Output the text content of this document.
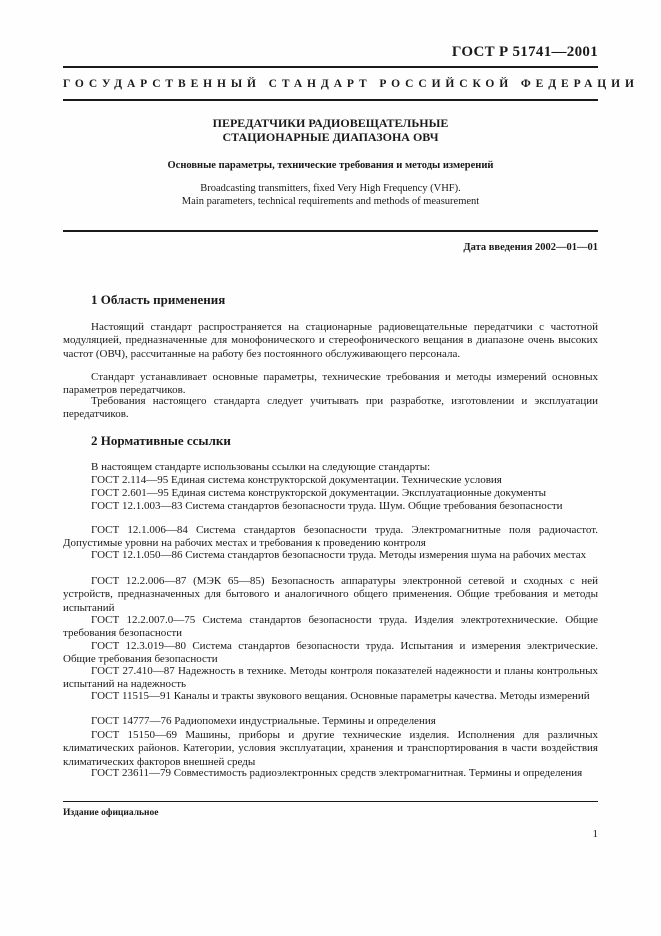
ГОСТ Р 51741—2001
ГОСУДАРСТВЕННЫЙ СТАНДАРТ РОССИЙСКОЙ ФЕДЕРАЦИИ
ПЕРЕДАТЧИКИ РАДИОВЕЩАТЕЛЬНЫЕ
СТАЦИОНАРНЫЕ ДИАПАЗОНА ОВЧ
Основные параметры, технические требования и методы измерений
Broadcasting transmitters, fixed Very High Frequency (VHF).
Main parameters, technical requirements and methods of measurement
Дата введения 2002—01—01
1 Область применения

Настоящий стандарт распространяется на стационарные радиовещательные передатчики с частотной модуляцией, предназначенные для монофонического и стереофонического вещания в диапазоне очень высоких частот (ОВЧ), рассчитанные на работу без постоянного обслуживающего персонала.

Стандарт устанавливает основные параметры, технические требования и методы измерений основных параметров передатчиков.

Требования настоящего стандарта следует учитывать при разработке, изготовлении и эксплуатации передатчиков.

2 Нормативные ссылки

В настоящем стандарте использованы ссылки на следующие стандарты:

ГОСТ 2.114—95 Единая система конструкторской документации. Технические условия

ГОСТ 2.601—95 Единая система конструкторской документации. Эксплуатационные документы

ГОСТ 12.1.003—83 Система стандартов безопасности труда. Шум. Общие требования безопасности

ГОСТ 12.1.006—84 Система стандартов безопасности труда. Электромагнитные поля радиочастот. Допустимые уровни на рабочих местах и требования к проведению контроля

ГОСТ 12.1.050—86 Система стандартов безопасности труда. Методы измерения шума на рабочих местах

ГОСТ 12.2.006—87 (МЭК 65—85) Безопасность аппаратуры электронной сетевой и сходных с ней устройств, предназначенных для бытового и аналогичного общего применения. Общие требования и методы испытаний

ГОСТ 12.2.007.0—75 Система стандартов безопасности труда. Изделия электротехнические. Общие требования безопасности

ГОСТ 12.3.019—80 Система стандартов безопасности труда. Испытания и измерения электрические. Общие требования безопасности

ГОСТ 27.410—87 Надежность в технике. Методы контроля показателей надежности и планы контрольных испытаний на надежность

ГОСТ 11515—91 Каналы и тракты звукового вещания. Основные параметры качества. Методы измерений

ГОСТ 14777—76 Радиопомехи индустриальные. Термины и определения

ГОСТ 15150—69 Машины, приборы и другие технические изделия. Исполнения для различных климатических районов. Категории, условия эксплуатации, хранения и транспортирования в части воздействия климатических факторов внешней среды

ГОСТ 23611—79 Совместимость радиоэлектронных средств электромагнитная. Термины и определения

Издание официальное
1
